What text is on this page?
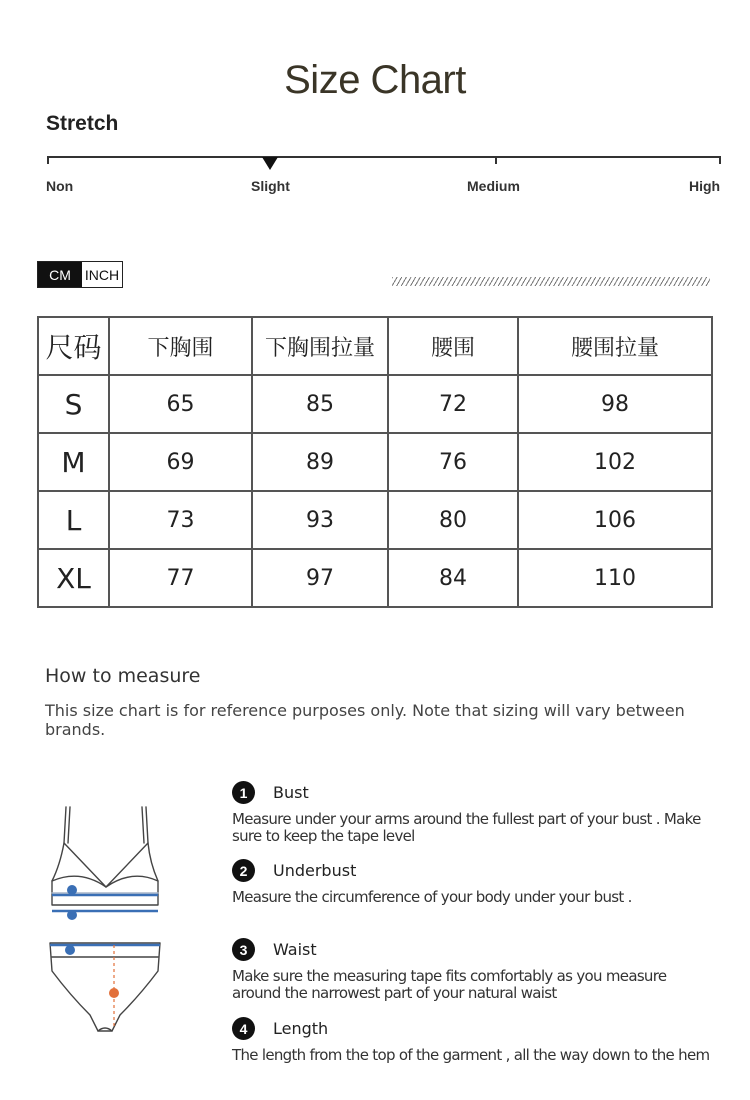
Size Chart
Stretch
Non	Slight	Medium	High
CM INCH
尺码	下胸围	下胸围拉量	腰围	腰围拉量
S	65	85	72	98
M	69	89	76	102
L	73	93	80	106
XL	77	97	84	110
How to measure
This size chart is for reference purposes only. Note that sizing will vary between brands.
1	Bust
Measure under your arms around the fullest part of your bust . Make sure to keep the tape level
2	Underbust
Measure the circumference of your body under your bust .
3	Waist
Make sure the measuring tape fits comfortably as you measure around the narrowest part of your natural waist
4	Length
The length from the top of the garment , all the way down to the hem
